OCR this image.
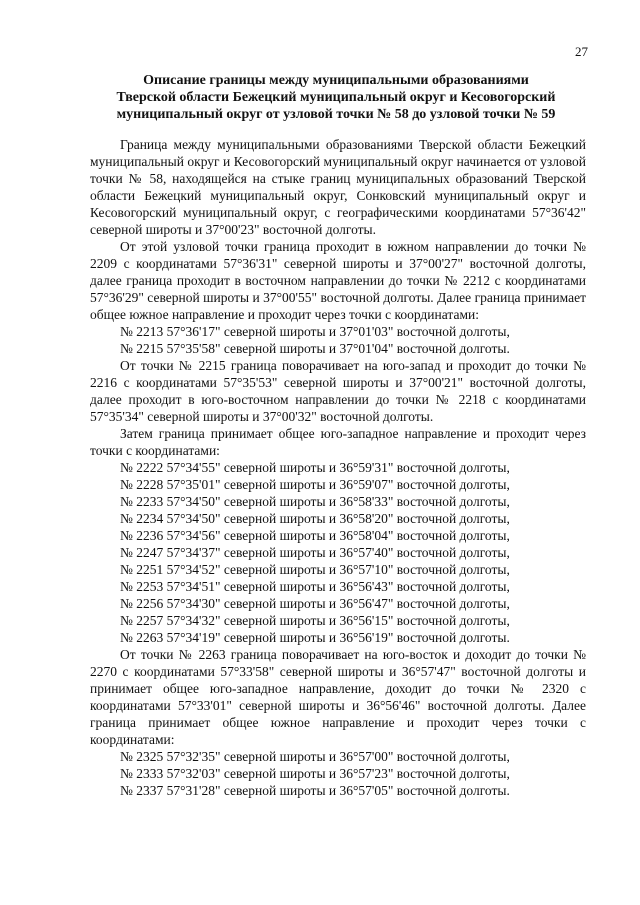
27
Описание границы между муниципальными образованиями
Тверской области Бежецкий муниципальный округ и Кесовогорский
муниципальный округ от узловой точки № 58 до узловой точки № 59

Граница между муниципальными образованиями Тверской области Бежецкий муниципальный округ и Кесовогорский муниципальный округ начинается от узловой точки № 58, находящейся на стыке границ муниципальных образований Тверской области Бежецкий муниципальный округ, Сонковский муниципальный округ и Кесовогорский муниципальный округ, с географическими координатами 57°36'42" северной широты и 37°00'23" восточной долготы.

От этой узловой точки граница проходит в южном направлении до точки № 2209 с координатами 57°36'31" северной широты и 37°00'27" восточной долготы, далее граница проходит в восточном направлении до точки № 2212 с координатами 57°36'29" северной широты и 37°00'55" восточной долготы. Далее граница принимает общее южное направление и проходит через точки с координатами:

№ 2213 57°36'17" северной широты и 37°01'03" восточной долготы,

№ 2215 57°35'58" северной широты и 37°01'04" восточной долготы.

От точки № 2215 граница поворачивает на юго-запад и проходит до точки № 2216 с координатами 57°35'53" северной широты и 37°00'21" восточной долготы, далее проходит в юго-восточном направлении до точки № 2218 с координатами 57°35'34" северной широты и 37°00'32" восточной долготы.

Затем граница принимает общее юго-западное направление и проходит через точки с координатами:

№ 2222 57°34'55" северной широты и 36°59'31" восточной долготы,

№ 2228 57°35'01" северной широты и 36°59'07" восточной долготы,

№ 2233 57°34'50" северной широты и 36°58'33" восточной долготы,

№ 2234 57°34'50" северной широты и 36°58'20" восточной долготы,

№ 2236 57°34'56" северной широты и 36°58'04" восточной долготы,

№ 2247 57°34'37" северной широты и 36°57'40" восточной долготы,

№ 2251 57°34'52" северной широты и 36°57'10" восточной долготы,

№ 2253 57°34'51" северной широты и 36°56'43" восточной долготы,

№ 2256 57°34'30" северной широты и 36°56'47" восточной долготы,

№ 2257 57°34'32" северной широты и 36°56'15" восточной долготы,

№ 2263 57°34'19" северной широты и 36°56'19" восточной долготы.

От точки № 2263 граница поворачивает на юго-восток и доходит до точки № 2270 с координатами 57°33'58" северной широты и 36°57'47" восточной долготы и принимает общее юго-западное направление, доходит до точки № 2320 с координатами 57°33'01" северной широты и 36°56'46" восточной долготы. Далее граница принимает общее южное направление и проходит через точки с координатами:

№ 2325 57°32'35" северной широты и 36°57'00" восточной долготы,

№ 2333 57°32'03" северной широты и 36°57'23" восточной долготы,

№ 2337 57°31'28" северной широты и 36°57'05" восточной долготы.
